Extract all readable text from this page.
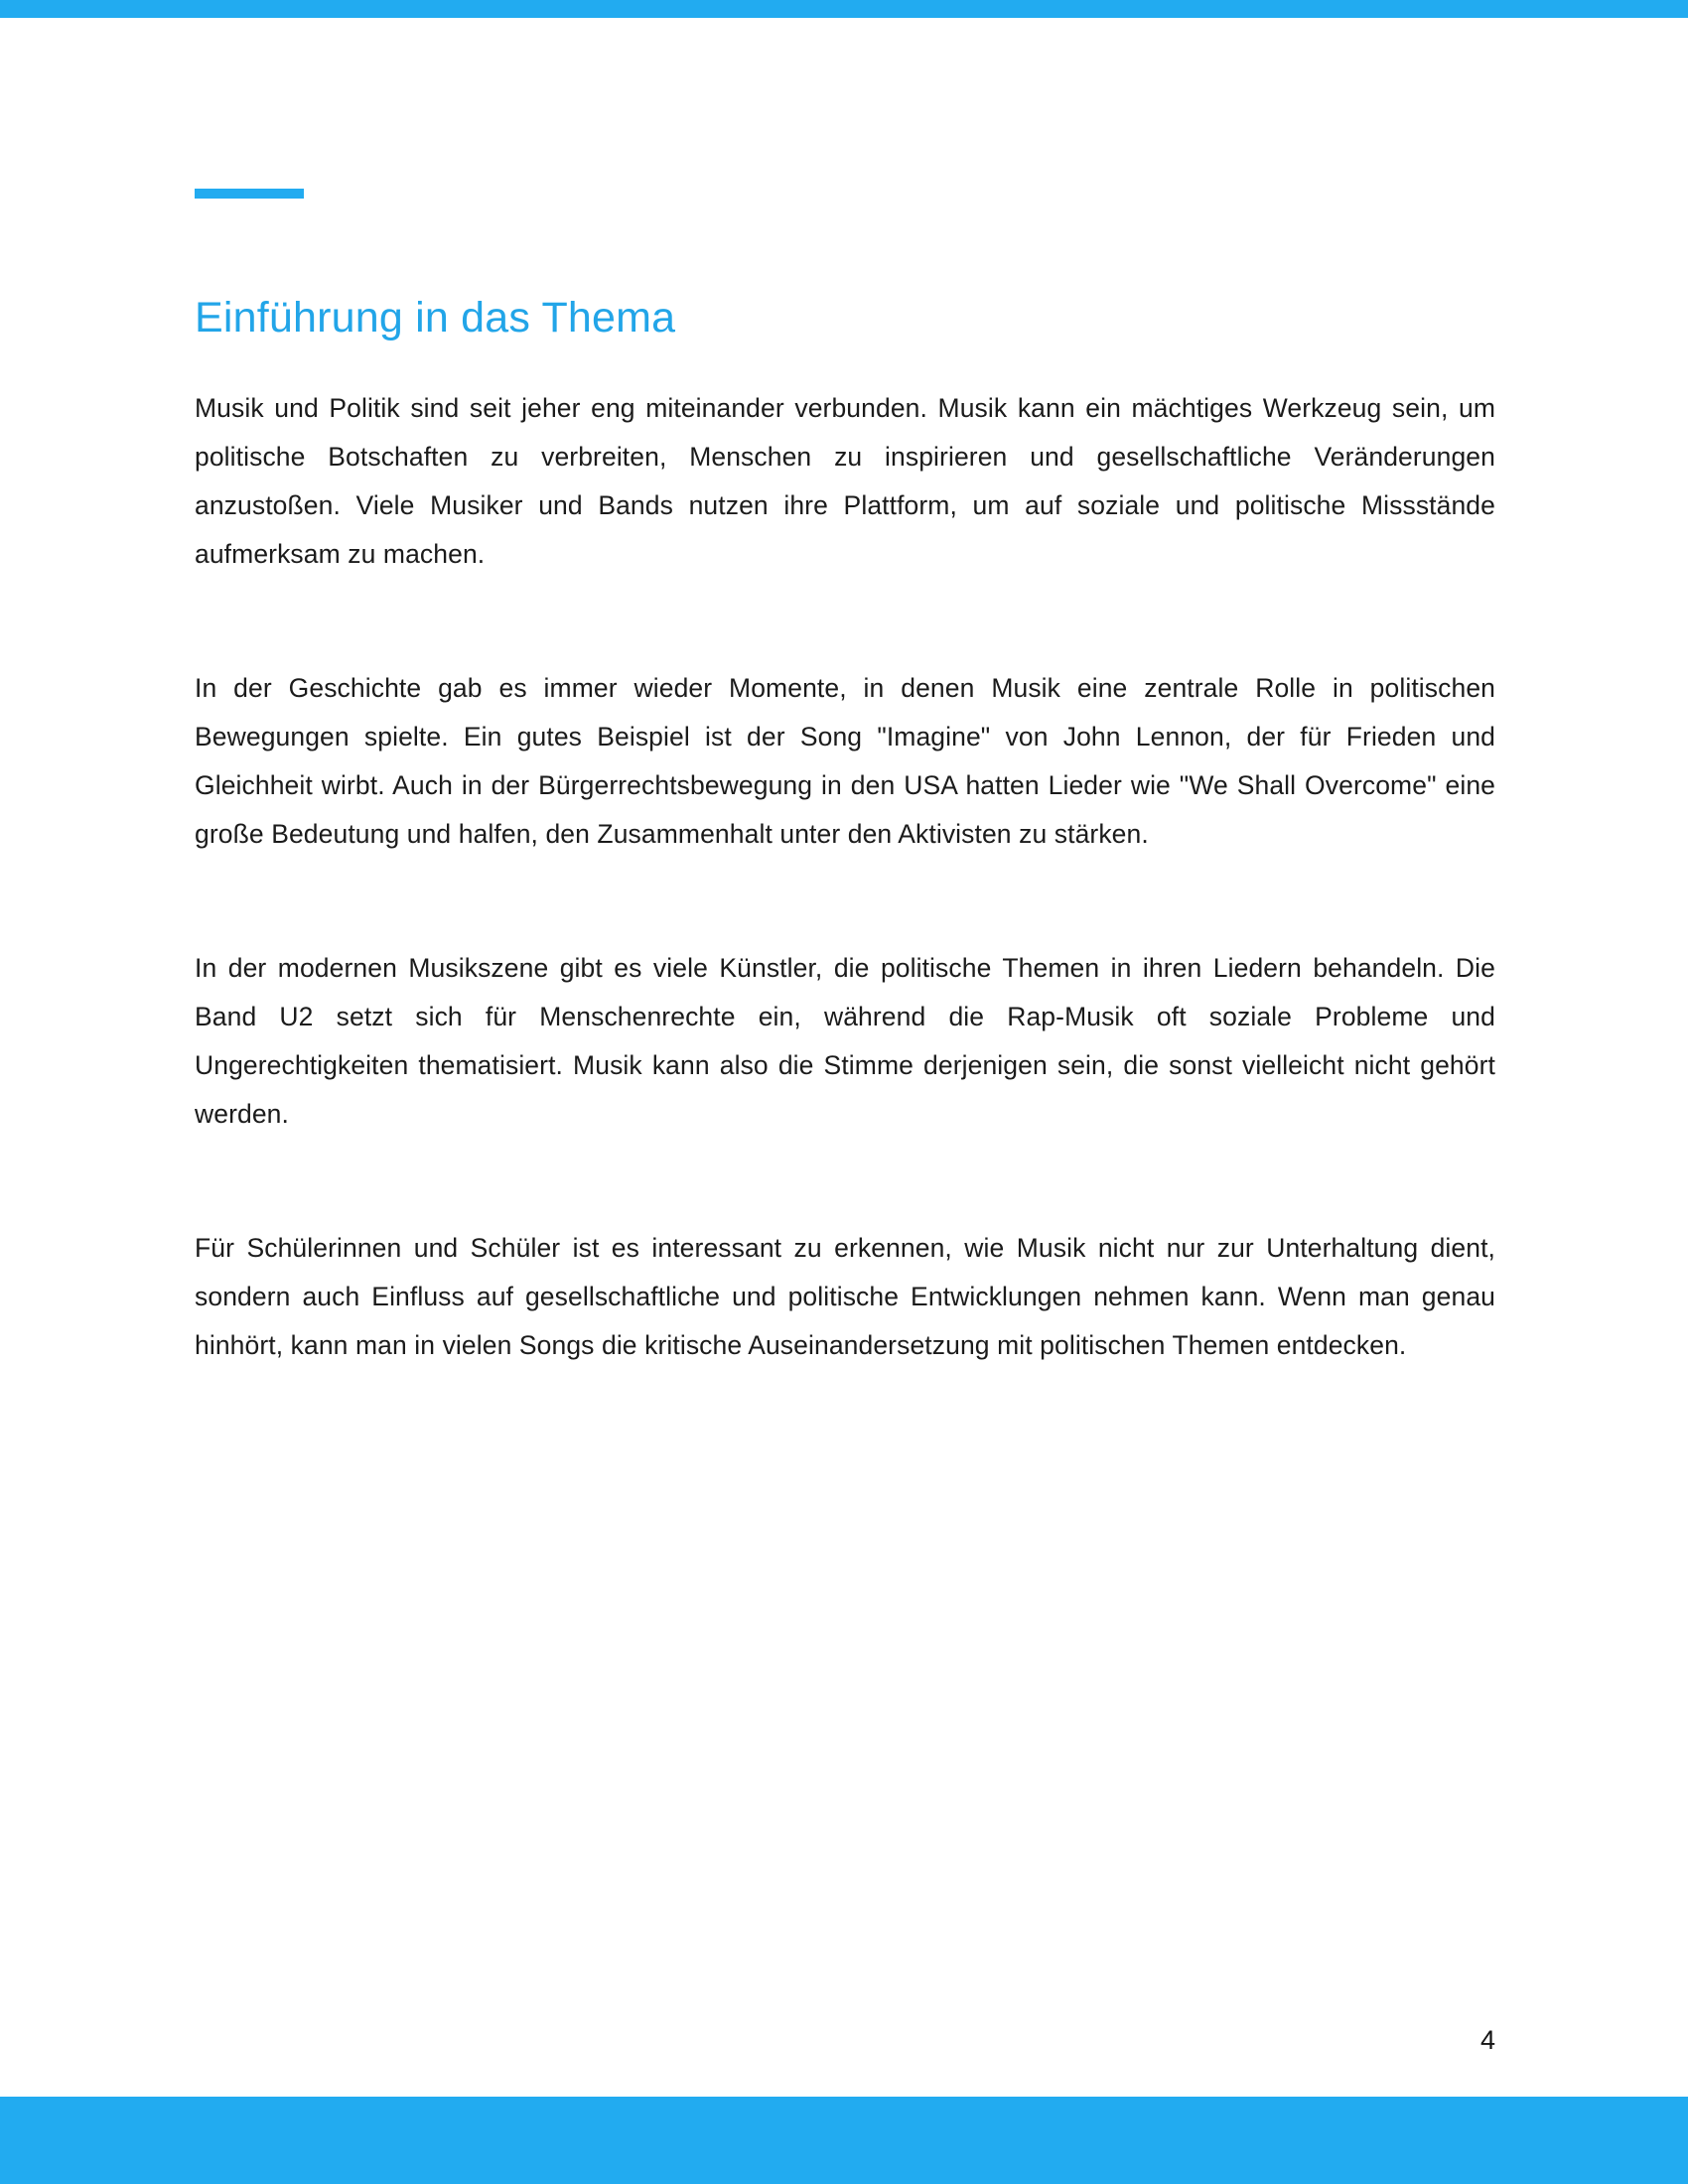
Einführung in das Thema

Musik und Politik sind seit jeher eng miteinander verbunden. Musik kann ein mächtiges Werkzeug sein, um politische Botschaften zu verbreiten, Menschen zu inspirieren und gesellschaftliche Veränderungen anzustoßen. Viele Musiker und Bands nutzen ihre Plattform, um auf soziale und politische Missstände aufmerksam zu machen.

In der Geschichte gab es immer wieder Momente, in denen Musik eine zentrale Rolle in politischen Bewegungen spielte. Ein gutes Beispiel ist der Song "Imagine" von John Lennon, der für Frieden und Gleichheit wirbt. Auch in der Bürgerrechtsbewegung in den USA hatten Lieder wie "We Shall Overcome" eine große Bedeutung und halfen, den Zusammenhalt unter den Aktivisten zu stärken.

In der modernen Musikszene gibt es viele Künstler, die politische Themen in ihren Liedern behandeln. Die Band U2 setzt sich für Menschenrechte ein, während die Rap-Musik oft soziale Probleme und Ungerechtigkeiten thematisiert. Musik kann also die Stimme derjenigen sein, die sonst vielleicht nicht gehört werden.

Für Schülerinnen und Schüler ist es interessant zu erkennen, wie Musik nicht nur zur Unterhaltung dient, sondern auch Einfluss auf gesellschaftliche und politische Entwicklungen nehmen kann. Wenn man genau hinhört, kann man in vielen Songs die kritische Auseinandersetzung mit politischen Themen entdecken.

4
